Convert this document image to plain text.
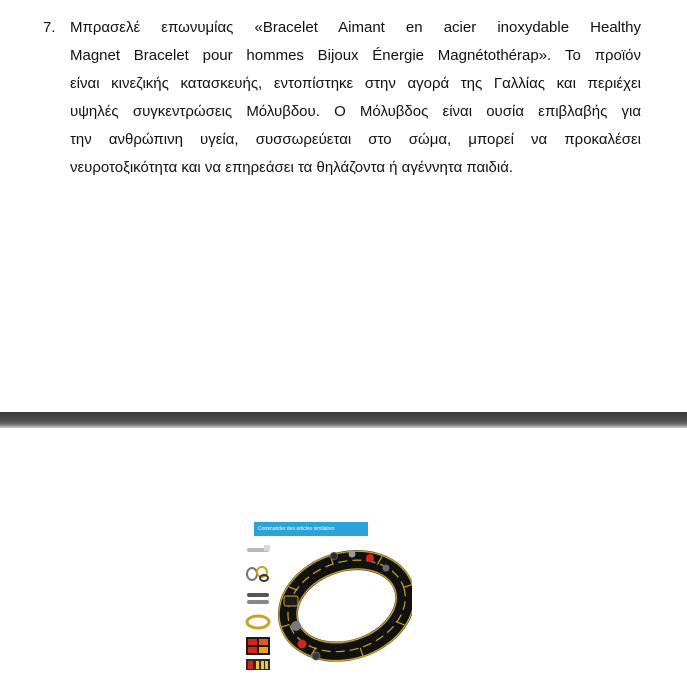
7. Μπρασελέ επωνυμίας «Bracelet Aimant en acier inoxydable Healthy
Magnet Bracelet pour hommes Bijoux Énergie Magnétothérap». Το προϊόν
είναι κινεζικής κατασκευής, εντοπίστηκε στην αγορά της Γαλλίας και περιέχει
υψηλές συγκεντρώσεις Μόλυβδου. Ο Μόλυβδος είναι ουσία επιβλαβής για
την ανθρώπινη υγεία, συσσωρεύεται στο σώμα, μπορεί να προκαλέσει
νευροτοξικότητα και να επηρεάσει τα θηλάζοντα ή αγέννητα παιδιά.
Commander des articles similaires
